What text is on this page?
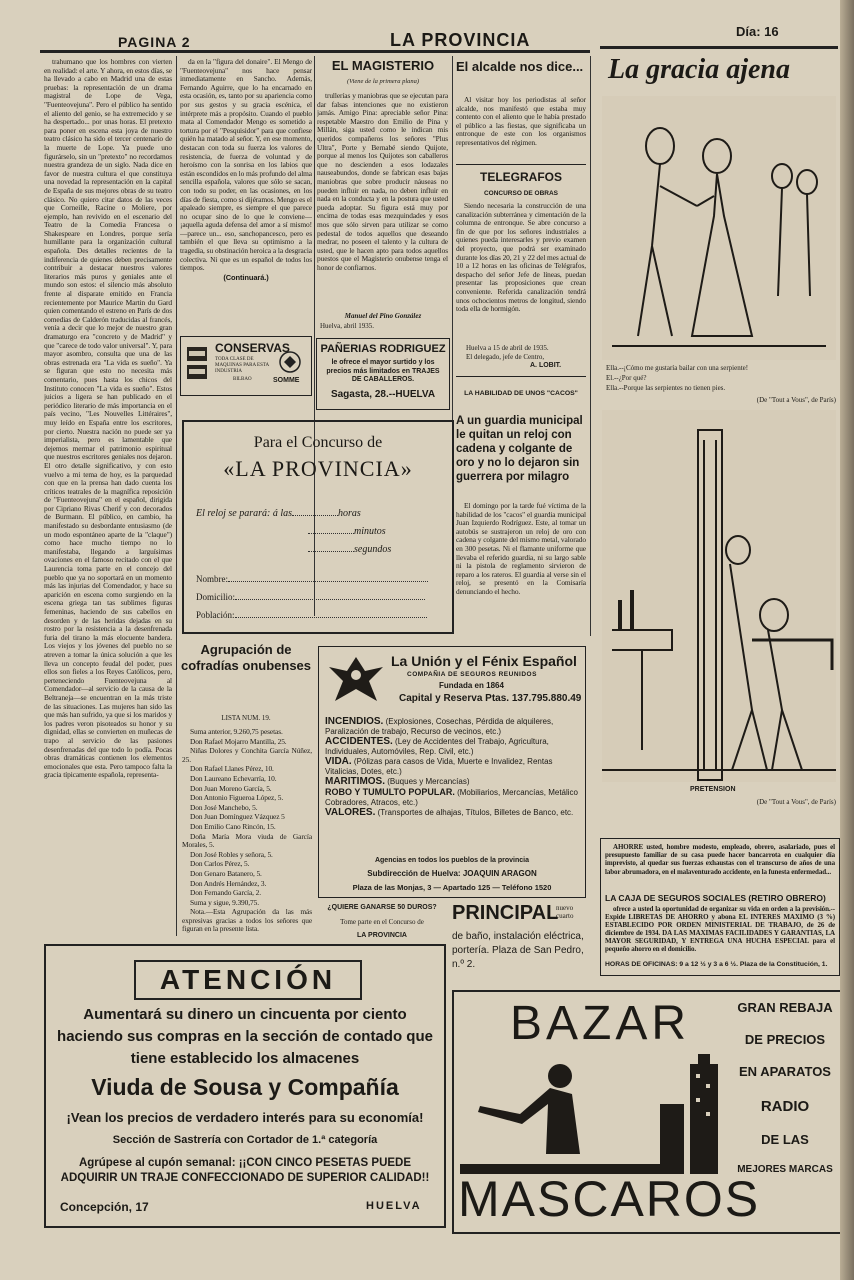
PAGINA 2	LA PROVINCIA	Día: 16

trahumano que los hombres con vierten en realidad: el arte. Y ahora, en estos días, se ha llevado a cabo en Madrid una de estas pruebas: la representación de un drama magistral de Lope de Vega, "Fuenteovejuna". Pero el público ha sentido el aliento del genio, se ha extremecido y se ha despertado... por unas horas. El pretexto para poner en escena esta joya de nuestro teatro clásico ha sido el tercer centenario de la muerte de Lope. Ya puede uno figurárselo, sin un "pretexto" no recordamos nuestra grandeza de un siglo. Nada dice en favor de nuestra cultura el que constituya una novedad la representación en la capital de España de sus mejores obras de su teatro clásico. No quiero citar datos de las veces que Corneille, Racine o Moliere, por ejemplo, han revivido en el escenario del Teatro de la Comedia Francesa o Shakespeare en Londres, porque sería humillante para la organización cultural española. Des detalles recientes de la indiferencia de quienes deben precisamente contribuir a destacar nuestros valores literarios más puros y geniales ante el mundo son estos: el silencio más absoluto frente al disparate emitido en Francia recientemente por Maurice Martin du Gard quien comentando el estreno en París de dos comedias de Calderón traducidas al francés, venía a decir que lo mejor de nuestro gran dramaturgo era "concreto y de Madrid" y que "carece de todo valor universal". Y, para mayor asombro, consulta que una de las obras estrenada era "La vida es sueño". Ya se figuran que esto no necesita más comentario, pues hasta los chicos del Instituto conocen "La vida es sueño". Estos juicios a ligera se han publicado en el periódico literario de más importancia en el país vecino, "Les Nouvelles Littéraires", muy leído en España entre los escritores, por cierto. Nuestra nación no puede ser ya imperialista, pero es lamentable que dejemos mermar el patrimonio espiritual que nuestros escritores geniales nos dejaron. El otro detalle significativo, y con esto vuelvo a mi tema de hoy, es la parquedad con que en la prensa han dado cuenta los críticos teatrales de la magnífica reposición de "Fuenteovejuna" en el español, dirigida por Cipriano Rivas Cherif y con decorados de Burmann. El público, en cambio, ha manifestado su desbordante entusiasmo (de un modo espontáneo aparte de la "claque") como hace mucho tiempo no lo manifestaba, llegando a larguísimas ovaciones en el famoso recitado con el que Laurencia toma parte en el concejo del pueblo que ya no soportará en un momento más las injurias del Comendador, y hace su aparición en escena como surgiendo en la escena griega tan tas sublimes figuras femeninas, haciendo de sus cabellos en desorden y de las heridas dejadas en su rostro por la resistencia a la desenfrenada furia del tirano la más elocuente bandera. Los viejos y los jóvenes del pueblo no se atreven a tomar la única solución a que les lleva un concepto feudal del poder, pues ellos son fieles a los Reyes Católicos, pero, perteneciendo Fuenteovejuna al Comendador—al servicio de la causa de la Beltraneja—se encuentran en la más triste de las situaciones. Las mujeres han sido las que más han sufrido, ya que si los maridos y los padres veron pisoteados su honor y su dignidad, ellas se convierten en muñecas de trapo al servicio de las pasiones desenfrenadas del que todo lo podía. Pocas obras dramáticas contienen los elementos emocionales que esta. Pero tampoco falta la gracia típicamente española, representa-

da en la "figura del donaire". El Mengo de "Fuenteovejuna" nos hace pensar inmediatamente en Sancho. Además, Fernando Aguirre, que lo ha encarnado en esta ocasión, es, tanto por su apariencia como por sus gestos y su gracia escénica, el intérprete más a propósito. Cuando el pueblo mata al Comendador Mengo es sometido a tortura por el "Pesquisidor" para que confiese quién ha matado al señor. Y, en ese momento, destacan con toda su fuerza los valores de resistencia, de fuerza de voluntad y de heroísmo con la sonrisa en los labios que están escondidos en lo más profundo del alma sencilla española, valores que sólo se sacan, con todo su poder, en las ocasiones, en los días de fiesta, como si dijéramos. Mengo es el apaleado siempre, es siempre el que parece no ocupar sino de lo que le conviene—¡aquella aguda defensa del amor a sí mismo!—parece un... eso, sanchopancesco, pero es también el que lleva su optimismo a la tragedia, su obstinación heroica a la desgracia colectiva. Ni que es un español de todos los tiempos.

(Continuará.)
CONSERVAS
TODA CLASE DE MAQUINAS PARA ESTA INDUSTRIA
BILBAO	SOMME
EL MAGISTERIO
(Viene de la primera plana)

trullerías y maniobras que se ejecutan para dar falsas intenciones que no existieron jamás. Amigo Pina: apreciable señor Pina: respetable Maestro don Emilio de Pina y Millán, siga usted como le indican mis queridos compañeros los señores "Plus Ultra", Porte y Bernabé siendo Quijote, porque al menos los Quijotes son caballeros que no descienden a esos lodazales nauseabundos, donde se fabrican esas bajas maniobras que sobre producir náuseas no pueden influir en nada, no deben influir en nada en la conducta y en la postura que usted pueda adoptar. Su figura está muy por encima de todas esas mezquindades y esos mos que sólo sirven para utilizar se como pedestal de todos aquellos que deseando medrar, no poseen el talento y la cultura de usted, que le hacen apto para todos aquellos puestos que el Magisterio onubense tenga el honor de confiarnos.

Manuel del Pino González
Huelva, abril 1935.
PAÑERIAS RODRIGUEZ
le ofrece el mayor surtido y los precios más limitados en TRAJES DE CABALLEROS.
Sagasta, 28.--HUELVA
El alcalde nos dice...

Al visitar hoy los periodistas al señor alcalde, nos manifestó que estaba muy contento con el aliento que le había prestado el público a las fiestas, que significaba un entronque de este con los organismos representativos del régimen.

TELEGRAFOS
CONCURSO DE OBRAS

Siendo necesaria la construcción de una canalización subterránea y cimentación de la columna de entronque. Se abre concurso a fin de que por los señores industriales a quienes pueda interesarles y previo examen del proyecto, que podrá ser examinado durante los días 20, 21 y 22 del mes actual de 10 a 12 horas en las oficinas de Telégrafos, despacho del señor Jefe de líneas, puedan presentar las proposiciones que crean conveniente. Referida canalización tendrá unos ochocientos metros de longitud, siendo toda ella de hormigón.

Huelva a 15 de abril de 1935.
El delegado, jefe de Centro,
A. LOBIT.
LA HABILIDAD DE UNOS "CACOS"
A un guardia municipal le quitan un reloj con cadena y colgante de oro y no lo dejaron sin guerrera por milagro

El domingo por la tarde fué víctima de la habilidad de los "cacos" el guardia municipal Juan Izquierdo Rodríguez. Este, al tomar un autobús se sustrajeron un reloj de oro con cadena y colgante del mismo metal, valorado en 300 pesetas. Ni el flamante uniforme que llevaba el referido guardia, ni su largo sable ni la pistola de reglamento sirvieron de reparo a los rateros. El guardia al verse sin el reloj, se presentó en la Comisaría denunciando el hecho.

Para el Concurso de
«LA PROVINCIA»
El reloj se parará: á las	horas
minutos
segundos
Nombre:
Domicilio:
Población:
Agrupación de cofradías onubenses
LISTA NUM. 19.

Suma anterior, 9.260,75 pesetas.

Don Rafael Mojarro Mantilla, 25.

Niñas Dolores y Conchita García Núñez, 25.

Don Rafael Llanes Pérez, 10.

Don Laureano Echevarría, 10.

Don Juan Moreno García, 5.

Don Antonio Figueroa López, 5.

Don José Manchebo, 5.

Don Juan Domínguez Vázquez 5

Don Emilio Cano Rincón, 15.

Doña María Mora viuda de García Morales, 5.

Don José Robles y señora, 5.

Don Carlos Pérez, 5.

Don Genaro Batanero, 5.

Don Andrés Hernández, 3.

Don Fernando García, 2.

Suma y sigue, 9.390,75.

Nota.—Esta Agrupación da las más expresivas gracias a todos los señores que figuran en la presente lista.

La Unión y el Fénix Español
COMPAÑIA DE SEGUROS REUNIDOS
Fundada en 1864
Capital y Reserva Ptas. 137.795.880.49
INCENDIOS. (Explosiones, Cosechas, Pérdida de alquileres, Paralización de trabajo, Recurso de vecinos, etc.)
ACCIDENTES. (Ley de Accidentes del Trabajo, Agricultura, Individuales, Automóviles, Rep. Civil, etc.)
VIDA. (Pólizas para casos de Vida, Muerte e Invalidez, Rentas Vitalicias, Dotes, etc.)
MARITIMOS. (Buques y Mercancías)
ROBO Y TUMULTO POPULAR. (Mobiliarios, Mercancías, Metálico Cobradores, Atracos, etc.)
VALORES. (Transportes de alhajas, Títulos, Billetes de Banco, etc.
Agencias en todos los pueblos de la provincia
Subdirección de Huelva: JOAQUIN ARAGON
Plaza de las Monjas, 3 — Apartado 125 — Teléfono 1520
¿QUIERE GANARSE 50 DUROS?
Tome parte en el Concurso de
LA PROVINCIA
PRINCIPAL
nuevo cuarto
de baño, instalación eléctrica, portería. Plaza de San Pedro, n.º 2.
La gracia ajena
Ella.--¡Cómo me gustaría bailar con una serpiente!
El.--¿Por qué?
Ella.--Porque las serpientes no tienen pies.
(De "Tout a Vous", de París)
PRETENSION
(De "Tout a Vous", de París)

AHORRE usted, hombre modesto, empleado, obrero, asalariado, pues el presupuesto familiar de su casa puede hacer bancarrota en cualquier día imprevisto, al quedar sus fuerzas exhaustas con el transcurso de años de una labor abrumadora, en el malaventurado accidente, en la funesta enfermedad...

LA CAJA DE SEGUROS SOCIALES (RETIRO OBRERO)

ofrece a usted la oportunidad de organizar su vida en orden a la previsión.--Expide LIBRETAS DE AHORRO y abona EL INTERES MAXIMO (3 %) ESTABLECIDO POR ORDEN MINISTERIAL DE TRABAJO, de 26 de diciembre de 1934. DA LAS MAXIMAS FACILIDADES Y GARANTIAS, LA MAYOR SEGURIDAD, Y ENTREGA UNA HUCHA ESPECIAL para el pequeño ahorro en el domicilio.

HORAS DE OFICINAS: 9 a 12 ½ y 3 a 6 ½. Plaza de la Constitución, 1.
ATENCIÓN
Aumentará su dinero un cincuenta por ciento
haciendo sus compras en la sección de contado que
tiene establecido los almacenes
Viuda de Sousa y Compañía
¡Vean los precios de verdadero interés para su economía!
Sección de Sastrería con Cortador de 1.ª categoría
Agrúpese al cupón semanal: ¡¡CON CINCO PESETAS PUEDE ADQUIRIR UN TRAJE CONFECCIONADO DE SUPERIOR CALIDAD!!
Concepción, 17	HUELVA
BAZAR
MASCAROS
GRAN REBAJA
DE PRECIOS
EN APARATOS
RADIO
DE LAS
MEJORES MARCAS
